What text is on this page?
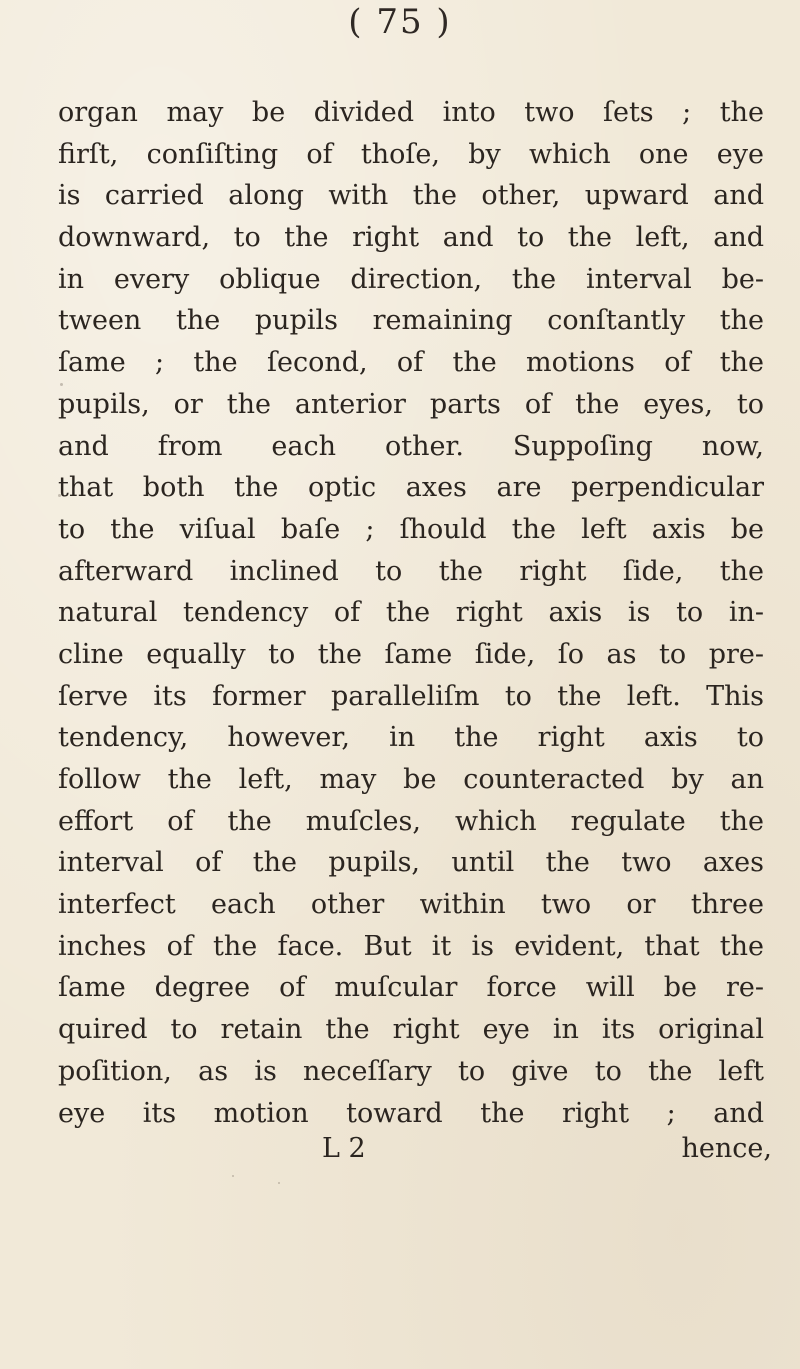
( 75 )
organ may be divided into two ſets ; the
firſt, conſiſting of thoſe, by which one eye
is carried along with the other, upward and
downward, to the right and to the left, and
in every oblique direction, the interval be-
tween the pupils remaining conſtantly the
ſame ; the ſecond, of the motions of the
pupils, or the anterior parts of the eyes, to
and from each other. Suppoſing now,
that both the optic axes are perpendicular
to the viſual baſe ; ſhould the left axis be
afterward inclined to the right ſide, the
natural tendency of the right axis is to in-
cline equally to the ſame ſide, ſo as to pre-
ſerve its former paralleliſm to the left. This
tendency, however, in the right axis to
follow the left, may be counteracted by an
effort of the muſcles, which regulate the
interval of the pupils, until the two axes
interfect each other within two or three
inches of the face. But it is evident, that the
ſame degree of muſcular force will be re-
quired to retain the right eye in its original
poſition, as is neceſſary to give to the left
eye its motion toward the right ; and
L 2	hence,
